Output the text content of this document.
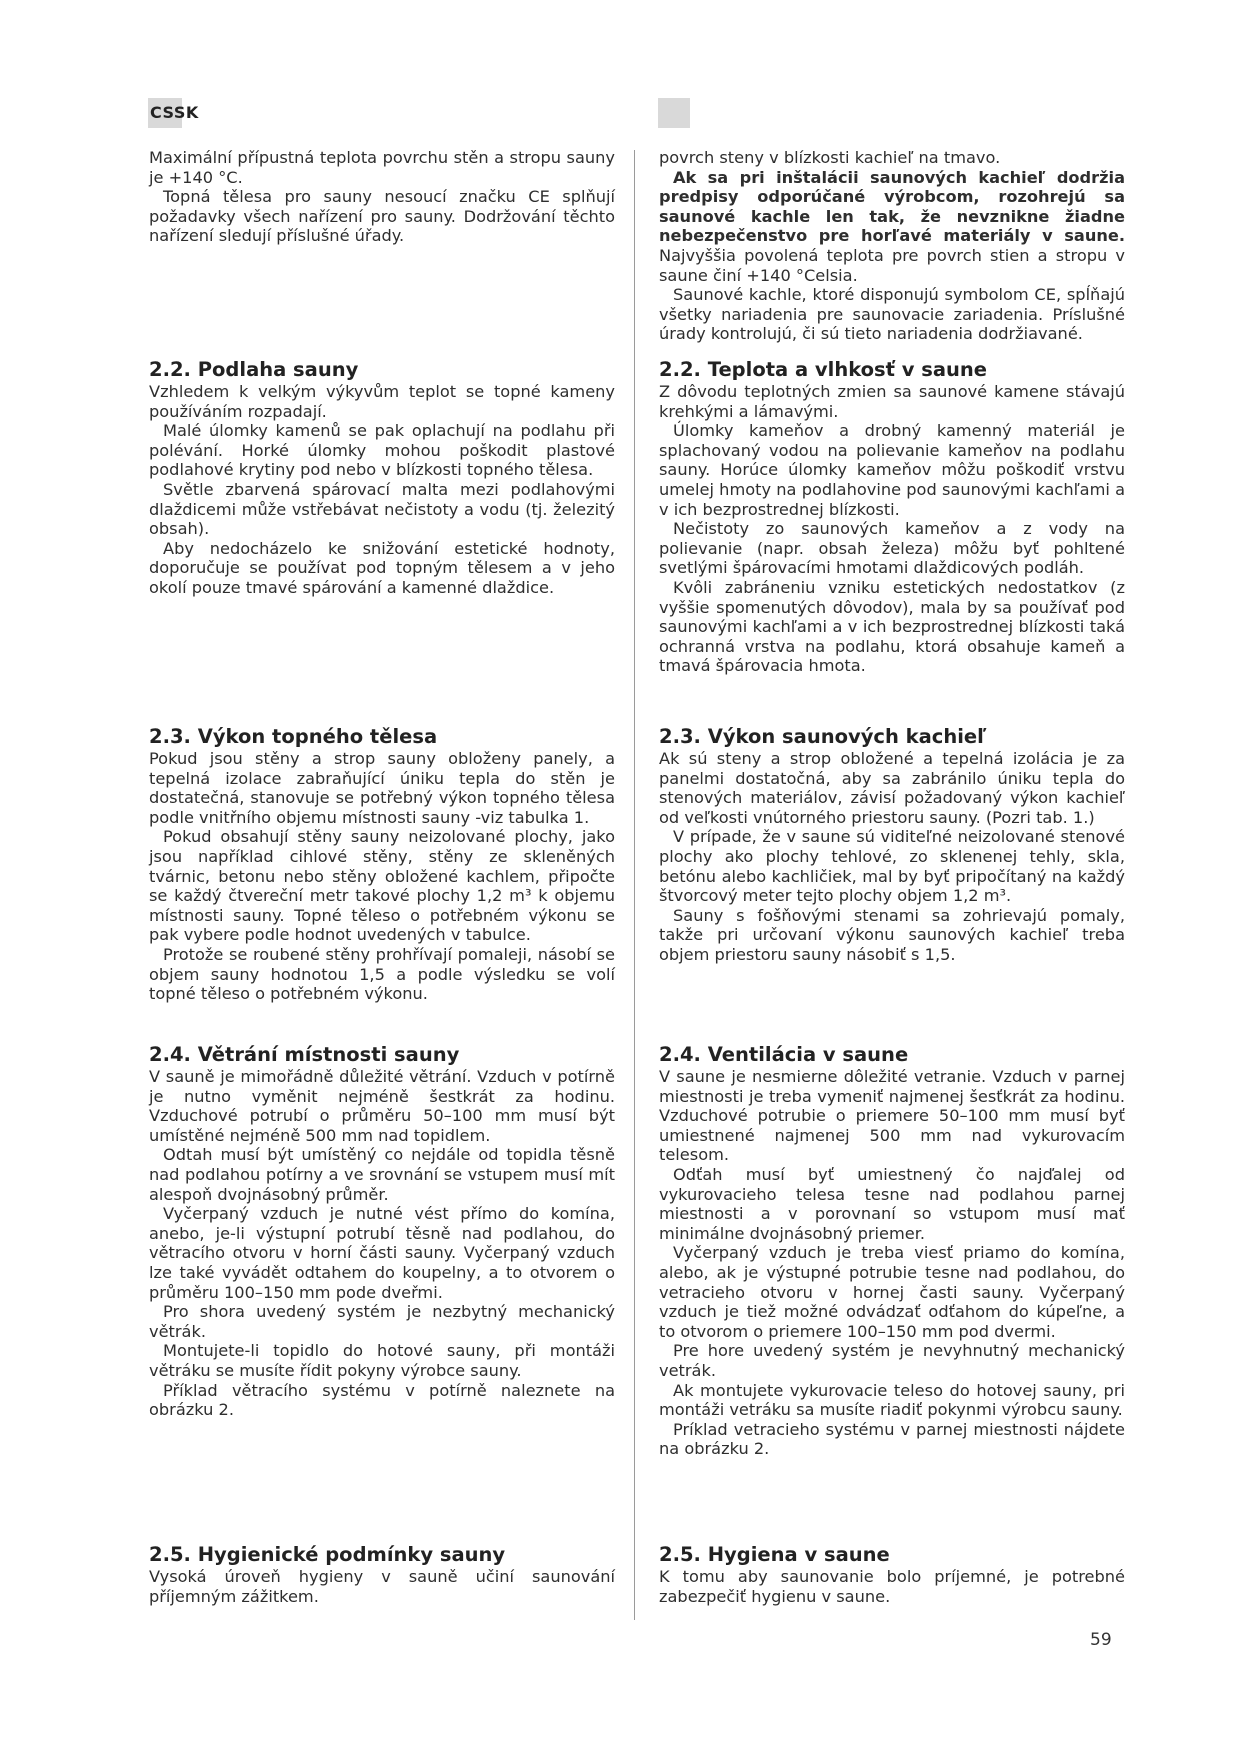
CSSK

Maximální přípustná teplota povrchu stěn a stropu sauny je +140 °C.

Topná tělesa pro sauny nesoucí značku CE splňují požadavky všech nařízení pro sauny. Dodržování těchto nařízení sledují příslušné úřady.

2.2. Podlaha sauny

Vzhledem k velkým výkyvům teplot se topné kameny používáním rozpadají.

Malé úlomky kamenů se pak oplachují na podlahu při polévání. Horké úlomky mohou poškodit plastové podlahové krytiny pod nebo v blízkosti topného tělesa.

Světle zbarvená spárovací malta mezi podlahovými dlaždicemi může vstřebávat nečistoty a vodu (tj. železitý obsah).

Aby nedocházelo ke snižování estetické hodnoty, doporučuje se používat pod topným tělesem a v jeho okolí pouze tmavé spárování a kamenné dlaždice.

2.3. Výkon topného tělesa

Pokud jsou stěny a strop sauny obloženy panely, a tepelná izolace zabraňující úniku tepla do stěn je dostatečná, stanovuje se potřebný výkon topného tělesa podle vnitřního objemu místnosti sauny -viz tabulka 1.

Pokud obsahují stěny sauny neizolované plochy, jako jsou například cihlové stěny, stěny ze skleněných tvárnic, betonu nebo stěny obložené kachlem, připočte se každý čtvereční metr takové plochy 1,2 m³ k objemu místnosti sauny. Topné těleso o potřebném výkonu se pak vybere podle hodnot uvedených v tabulce.

Protože se roubené stěny prohřívají pomaleji, násobí se objem sauny hodnotou 1,5 a podle výsledku se volí topné těleso o potřebném výkonu.

2.4. Větrání místnosti sauny

V sauně je mimořádně důležité větrání. Vzduch v potírně je nutno vyměnit nejméně šestkrát za hodinu. Vzduchové potrubí o průměru 50–100 mm musí být umístěné nejméně 500 mm nad topidlem.

Odtah musí být umístěný co nejdále od topidla těsně nad podlahou potírny a ve srovnání se vstupem musí mít alespoň dvojnásobný průměr.

Vyčerpaný vzduch je nutné vést přímo do komína, anebo, je-li výstupní potrubí těsně nad podlahou, do větracího otvoru v horní části sauny. Vyčerpaný vzduch lze také vyvádět odtahem do koupelny, a to otvorem o průměru 100–150 mm pode dveřmi.

Pro shora uvedený systém je nezbytný mechanický větrák.

Montujete-li topidlo do hotové sauny, při montáži větráku se musíte řídit pokyny výrobce sauny.

Příklad větracího systému v potírně naleznete na obrázku 2.

2.5. Hygienické podmínky sauny

Vysoká úroveň hygieny v sauně učiní saunování příjemným zážitkem.

povrch steny v blízkosti kachieľ na tmavo.

Ak sa pri inštalácii saunových kachieľ dodržia predpisy odporúčané výrobcom, rozohrejú sa saunové kachle len tak, že nevznikne žiadne nebezpečenstvo pre horľavé materiály v saune. Najvyššia povolená teplota pre povrch stien a stropu v saune činí +140 °Celsia.

Saunové kachle, ktoré disponujú symbolom CE, spĺňajú všetky nariadenia pre saunovacie zariadenia. Príslušné úrady kontrolujú, či sú tieto nariadenia dodržiavané.

2.2. Teplota a vlhkosť v saune

Z dôvodu teplotných zmien sa saunové kamene stávajú krehkými a lámavými.

Úlomky kameňov a drobný kamenný materiál je splachovaný vodou na polievanie kameňov na podlahu sauny. Horúce úlomky kameňov môžu poškodiť vrstvu umelej hmoty na podlahovine pod saunovými kachľami a v ich bezprostrednej blízkosti.

Nečistoty zo saunových kameňov a z vody na polievanie (napr. obsah železa) môžu byť pohltené svetlými špárovacími hmotami dlaždicových podláh.

Kvôli zabráneniu vzniku estetických nedostatkov (z vyššie spomenutých dôvodov), mala by sa používať pod saunovými kachľami a v ich bezprostrednej blízkosti taká ochranná vrstva na podlahu, ktorá obsahuje kameň a tmavá špárovacia hmota.

2.3. Výkon saunových kachieľ

Ak sú steny a strop obložené a tepelná izolácia je za panelmi dostatočná, aby sa zabránilo úniku tepla do stenových materiálov, závisí požadovaný výkon kachieľ od veľkosti vnútorného priestoru sauny. (Pozri tab. 1.)

V prípade, že v saune sú viditeľné neizolované stenové plochy ako plochy tehlové, zo sklenenej tehly, skla, betónu alebo kachličiek, mal by byť pripočítaný na každý štvorcový meter tejto plochy objem 1,2 m³.

Sauny s fošňovými stenami sa zohrievajú pomaly, takže pri určovaní výkonu saunových kachieľ treba objem priestoru sauny násobiť s 1,5.

2.4. Ventilácia v saune

V saune je nesmierne dôležité vetranie. Vzduch v parnej miestnosti je treba vymeniť najmenej šesťkrát za hodinu. Vzduchové potrubie o priemere 50–100 mm musí byť umiestnené najmenej 500 mm nad vykurovacím telesom.

Odťah musí byť umiestnený čo najďalej od vykurovacieho telesa tesne nad podlahou parnej miestnosti a v porovnaní so vstupom musí mať minimálne dvojnásobný priemer.

Vyčerpaný vzduch je treba viesť priamo do komína, alebo, ak je výstupné potrubie tesne nad podlahou, do vetracieho otvoru v hornej časti sauny. Vyčerpaný vzduch je tiež možné odvádzať odťahom do kúpeľne, a to otvorom o priemere 100–150 mm pod dvermi.

Pre hore uvedený systém je nevyhnutný mechanický vetrák.

Ak montujete vykurovacie teleso do hotovej sauny, pri montáži vetráku sa musíte riadiť pokynmi výrobcu sauny.

Príklad vetracieho systému v parnej miestnosti nájdete na obrázku 2.

2.5. Hygiena v saune

K tomu aby saunovanie bolo príjemné, je potrebné zabezpečiť hygienu v saune.

59
